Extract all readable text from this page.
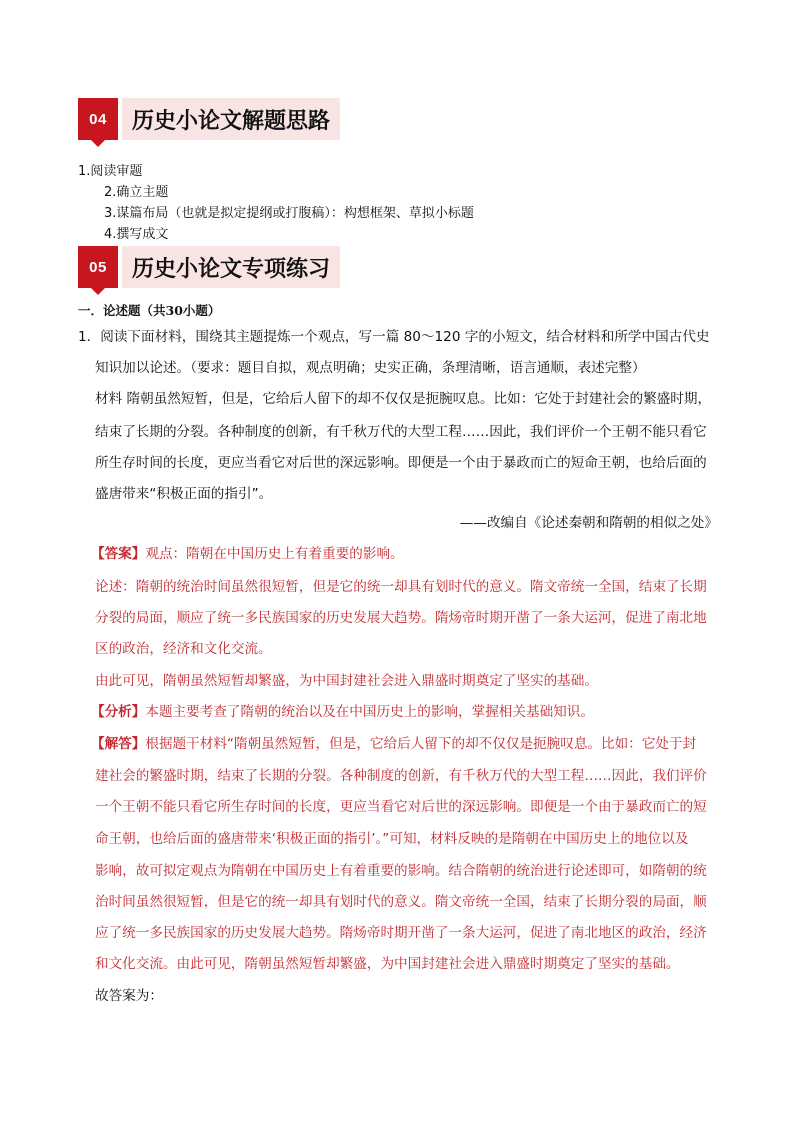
04	历史小论文解题思路
1.阅读审题
2.确立主题
3.谋篇布局（也就是拟定提纲或打腹稿）：构想框架、草拟小标题
4.撰写成文
05	历史小论文专项练习
一．论述题（共30小题）
1．阅读下面材料，围绕其主题提炼一个观点，写一篇 80～120 字的小短文，结合材料和所学中国古代史
知识加以论述。（要求：题目自拟，观点明确；史实正确，条理清晰，语言通顺，表述完整）
材料 隋朝虽然短暂，但是，它给后人留下的却不仅仅是扼腕叹息。比如：它处于封建社会的繁盛时期，
结束了长期的分裂。各种制度的创新，有千秋万代的大型工程……因此，我们评价一个王朝不能只看它
所生存时间的长度，更应当看它对后世的深远影响。即便是一个由于暴政而亡的短命王朝，也给后面的
盛唐带来“积极正面的指引”。
——改编自《论述秦朝和隋朝的相似之处》
【答案】观点：隋朝在中国历史上有着重要的影响。
论述：隋朝的统治时间虽然很短暂，但是它的统一却具有划时代的意义。隋文帝统一全国，结束了长期
分裂的局面，顺应了统一多民族国家的历史发展大趋势。隋炀帝时期开凿了一条大运河，促进了南北地
区的政治，经济和文化交流。
由此可见，隋朝虽然短暂却繁盛，为中国封建社会进入鼎盛时期奠定了坚实的基础。
【分析】本题主要考查了隋朝的统治以及在中国历史上的影响，掌握相关基础知识。
【解答】根据题干材料“隋朝虽然短暂，但是，它给后人留下的却不仅仅是扼腕叹息。比如：它处于封
建社会的繁盛时期，结束了长期的分裂。各种制度的创新，有千秋万代的大型工程……因此，我们评价
一个王朝不能只看它所生存时间的长度，更应当看它对后世的深远影响。即便是一个由于暴政而亡的短
命王朝，也给后面的盛唐带来‘积极正面的指引’。”可知，材料反映的是隋朝在中国历史上的地位以及
影响，故可拟定观点为隋朝在中国历史上有着重要的影响。结合隋朝的统治进行论述即可，如隋朝的统
治时间虽然很短暂，但是它的统一却具有划时代的意义。隋文帝统一全国，结束了长期分裂的局面，顺
应了统一多民族国家的历史发展大趋势。隋炀帝时期开凿了一条大运河，促进了南北地区的政治，经济
和文化交流。由此可见，隋朝虽然短暂却繁盛，为中国封建社会进入鼎盛时期奠定了坚实的基础。
故答案为：
